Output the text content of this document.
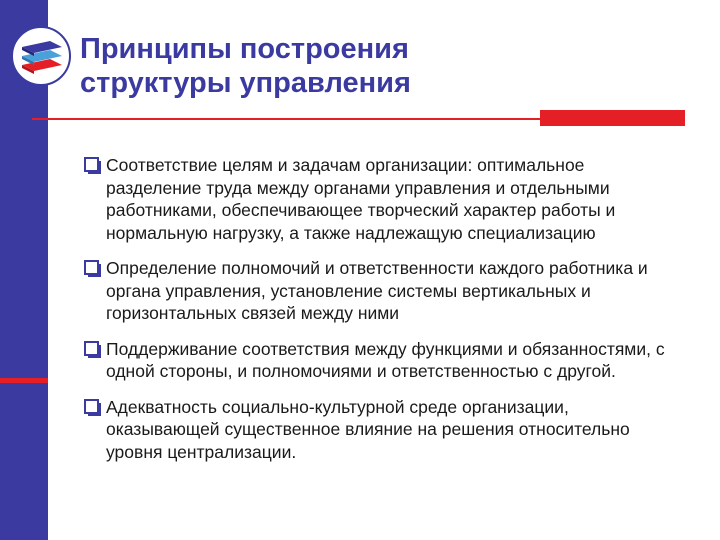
Принципы построения
структуры управления
Соответствие целям и задачам организации: оптимальное разделение труда между органами управления и отдельными работниками, обеспечивающее творческий характер работы и нормальную нагрузку, а также надлежащую специализацию
Определение полномочий и ответственности каждого работника и органа управления, установление системы вертикальных и горизонтальных связей между ними
Поддерживание соответствия между функциями и обязанностями, с одной стороны, и полномочиями и ответственностью с другой.
Адекватность социально-культурной среде организации, оказывающей существенное влияние на решения относительно уровня централизации.
